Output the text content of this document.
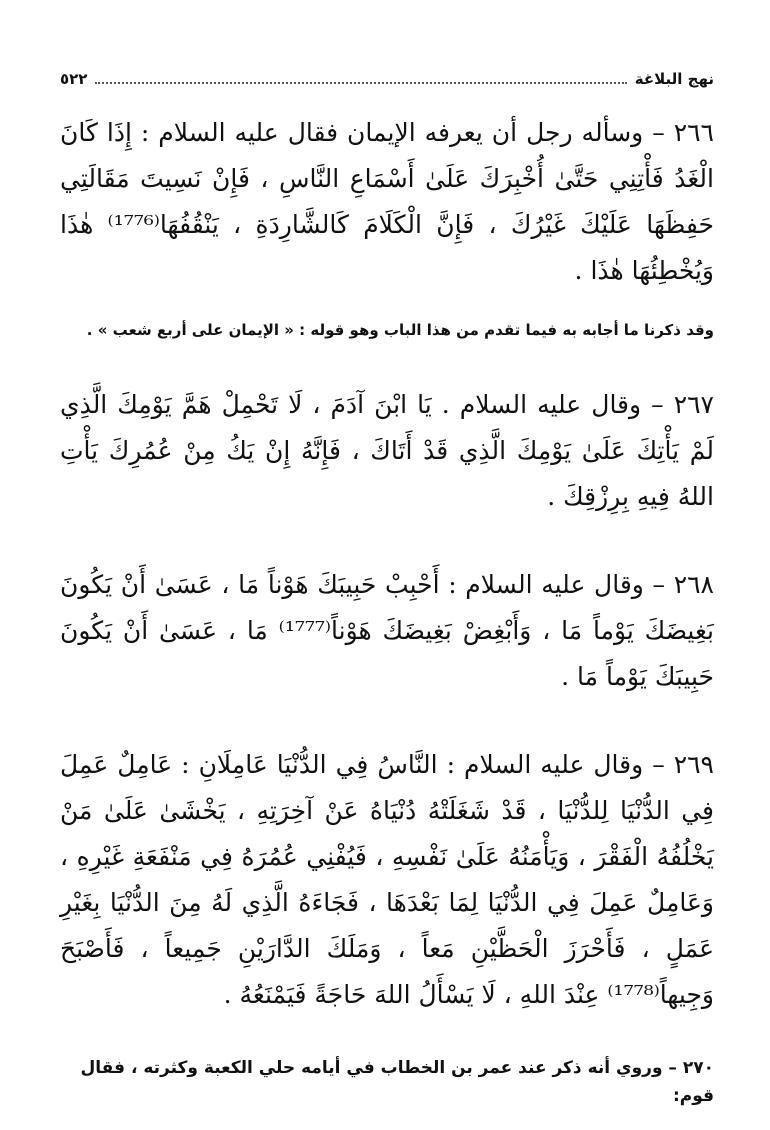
نهج البلاغة
٥٢٢

٢٦٦ – وسأله رجل أن يعرفه الإيمان فقال عليه السلام : إِذَا كَانَ الْغَدُ فَأْتِنِي حَتَّىٰ أُخْبِرَكَ عَلَىٰ أَسْمَاعِ النَّاسِ ، فَإِنْ نَسِيتَ مَقَالَتِي حَفِظَهَا عَلَيْكَ غَيْرُكَ ، فَإِنَّ الْكَلَامَ كَالشَّارِدَةِ ، يَنْقُفُهَا⁽¹⁷⁷⁶⁾ هٰذَا وَيُخْطِئُهَا هٰذَا .

وقد ذكرنا ما أجابه به فيما تقدم من هذا الباب وهو قوله : « الإيمان على أربع شعب » .

٢٦٧ – وقال عليه السلام . يَا ابْنَ آدَمَ ، لَا تَحْمِلْ هَمَّ يَوْمِكَ الَّذِي لَمْ يَأْتِكَ عَلَىٰ يَوْمِكَ الَّذِي قَدْ أَتَاكَ ، فَإِنَّهُ إِنْ يَكُ مِنْ عُمُرِكَ يَأْتِ اللهُ فِيهِ بِرِزْقِكَ .

٢٦٨ – وقال عليه السلام : أَحْبِبْ حَبِيبَكَ هَوْناً مَا ، عَسَىٰ أَنْ يَكُونَ بَغِيضَكَ يَوْماً مَا ، وَأَبْغِضْ بَغِيضَكَ هَوْناً⁽¹⁷⁷⁷⁾ مَا ، عَسَىٰ أَنْ يَكُونَ حَبِيبَكَ يَوْماً مَا .

٢٦٩ – وقال عليه السلام : النَّاسُ فِي الدُّنْيَا عَامِلَانِ : عَامِلٌ عَمِلَ فِي الدُّنْيَا لِلدُّنْيَا ، قَدْ شَغَلَتْهُ دُنْيَاهُ عَنْ آخِرَتِهِ ، يَخْشَىٰ عَلَىٰ مَنْ يَخْلُفُهُ الْفَقْرَ ، وَيَأْمَنُهُ عَلَىٰ نَفْسِهِ ، فَيُفْنِي عُمُرَهُ فِي مَنْفَعَةِ غَيْرِهِ ، وَعَامِلٌ عَمِلَ فِي الدُّنْيَا لِمَا بَعْدَهَا ، فَجَاءَهُ الَّذِي لَهُ مِنَ الدُّنْيَا بِغَيْرِ عَمَلٍ ، فَأَحْرَزَ الْحَظَّيْنِ مَعاً ، وَمَلَكَ الدَّارَيْنِ جَمِيعاً ، فَأَصْبَحَ وَجِيهاً⁽¹⁷⁷⁸⁾ عِنْدَ اللهِ ، لَا يَسْأَلُ اللهَ حَاجَةً فَيَمْنَعُهُ .

٢٧٠ – وروي أنه ذكر عند عمر بن الخطاب في أيامه حلي الكعبة وكثرته ، فقال قوم:
